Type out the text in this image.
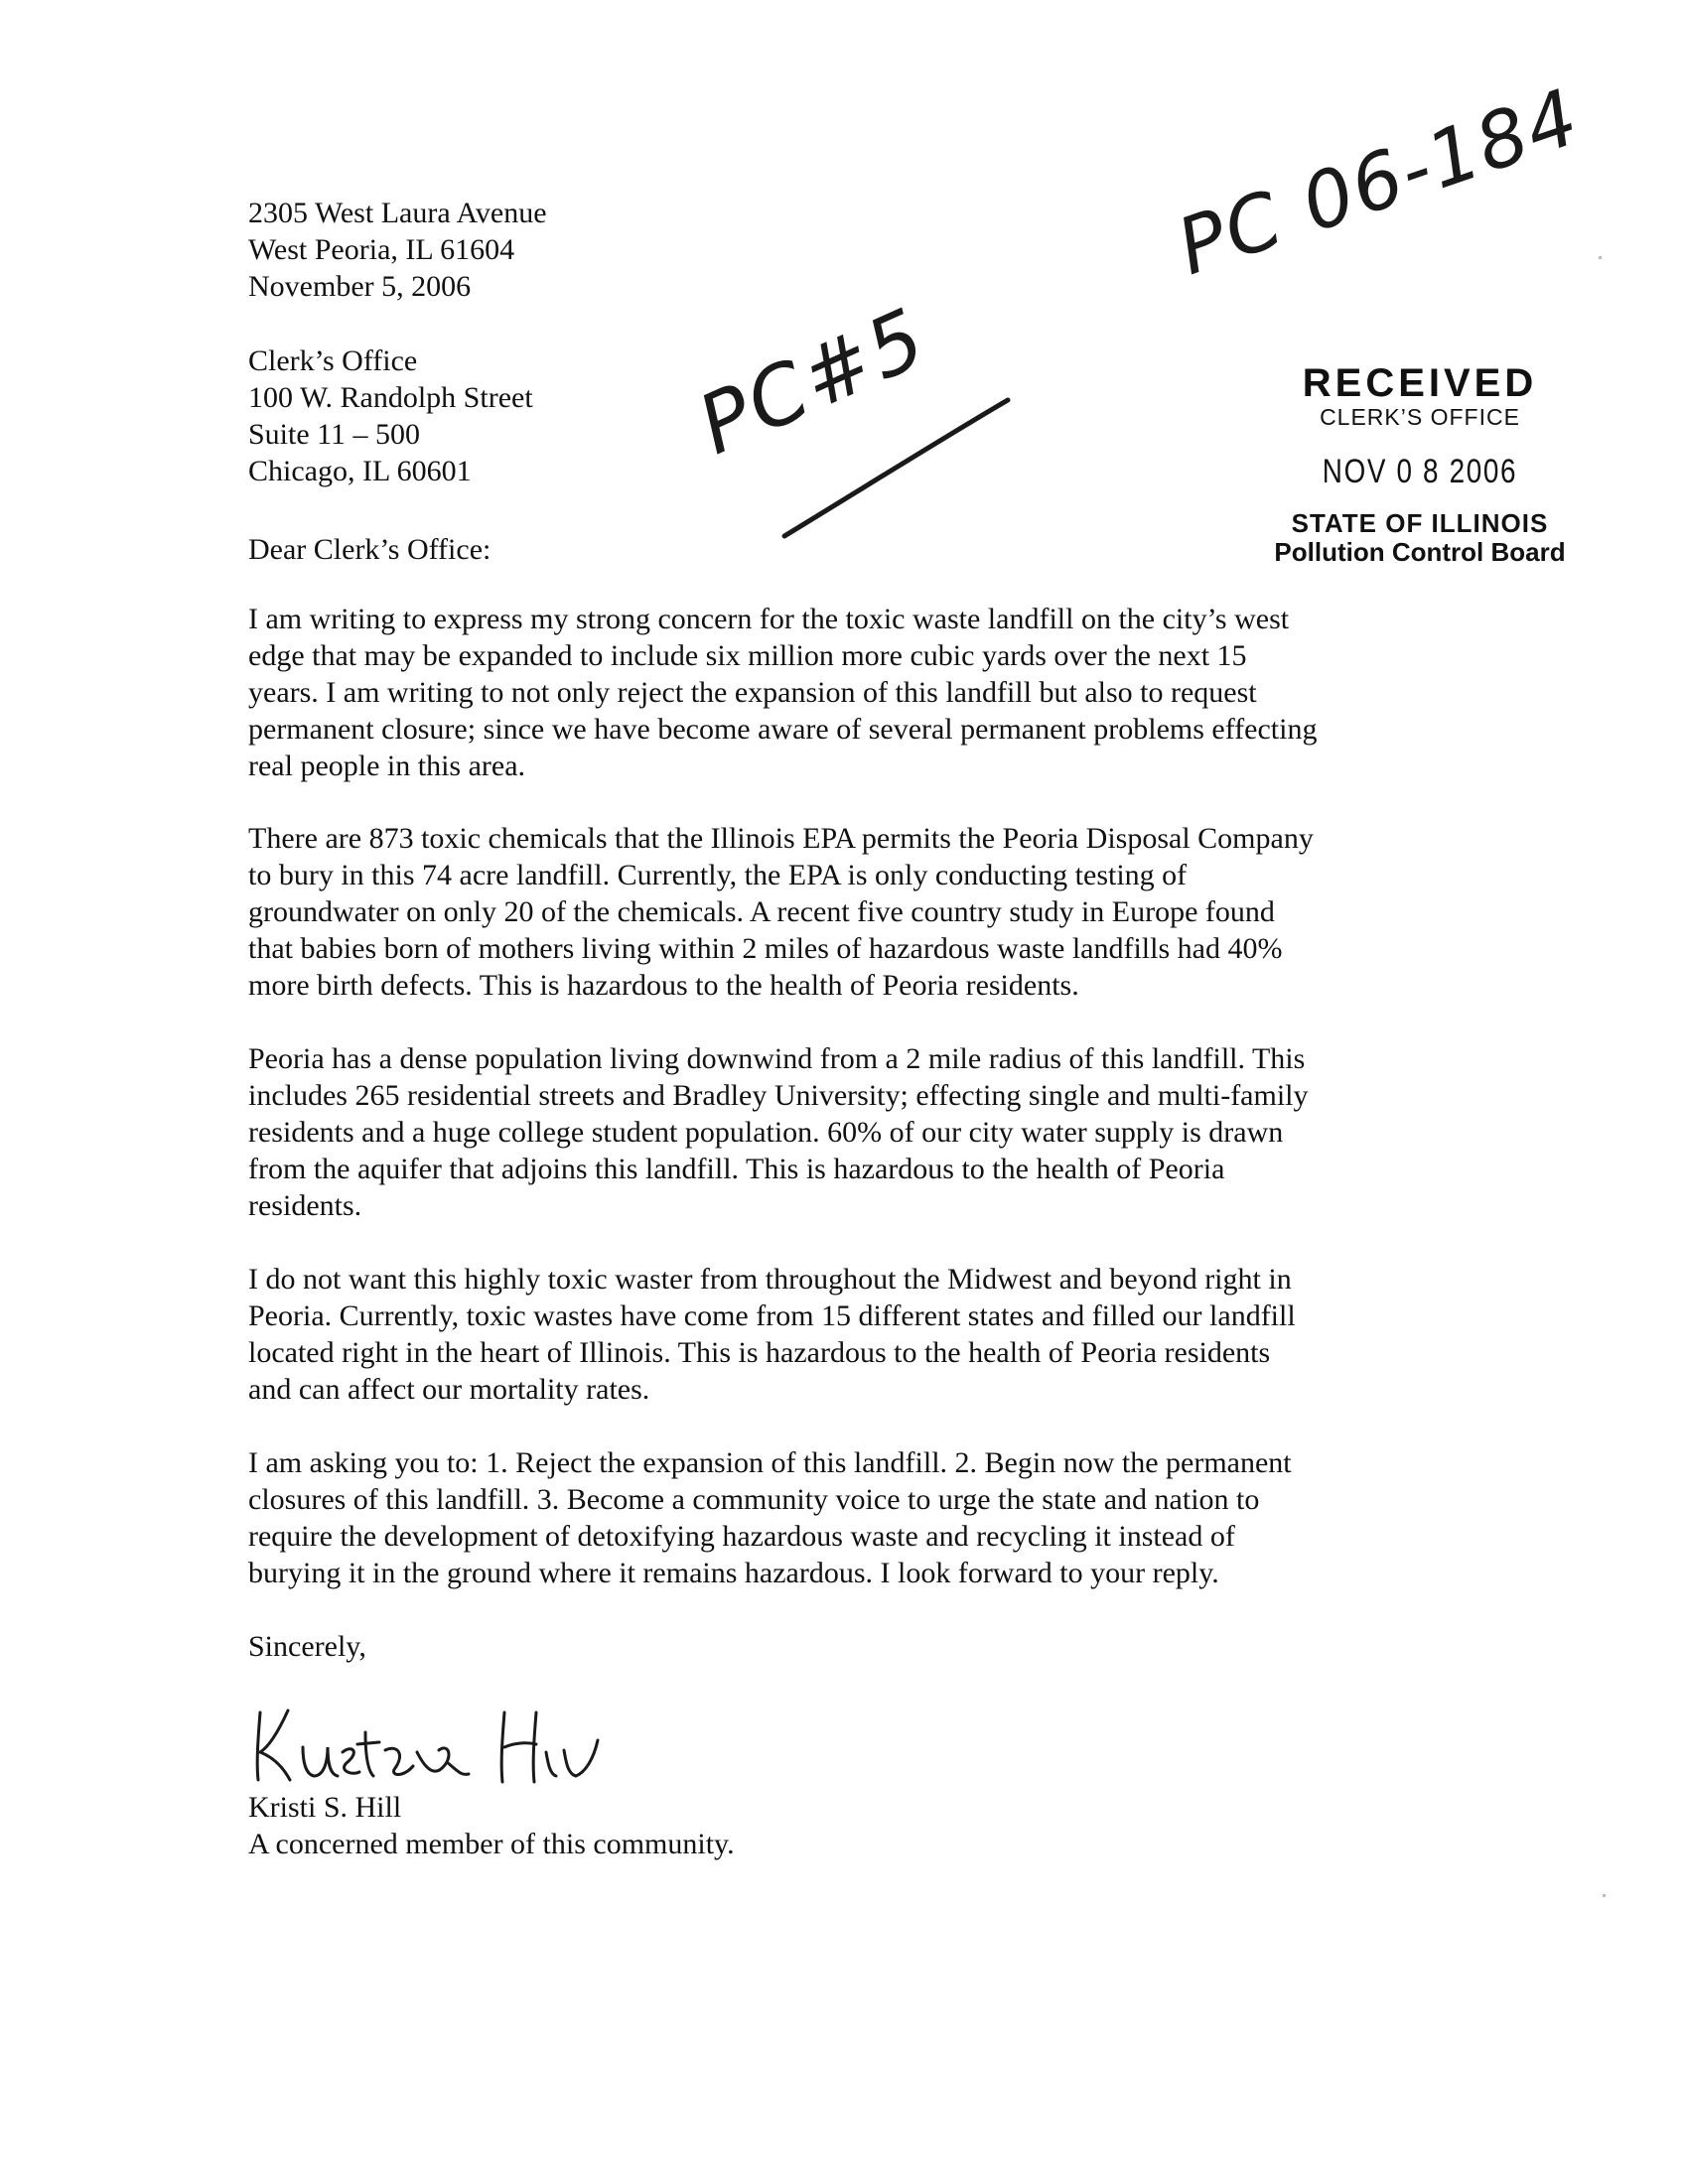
2305 West Laura Avenue
West Peoria, IL 61604
November 5, 2006
Clerk’s Office
100 W. Randolph Street
Suite 11 – 500
Chicago, IL 60601
PC 06-184
PC#5	RECEIVED
CLERK’S OFFICE
NOV 0 8 2006
STATE OF ILLINOIS
Pollution Control Board
Dear Clerk’s Office:
I am writing to express my strong concern for the toxic waste landfill on the city’s west
edge that may be expanded to include six million more cubic yards over the next 15
years. I am writing to not only reject the expansion of this landfill but also to request
permanent closure; since we have become aware of several permanent problems effecting
real people in this area.
There are 873 toxic chemicals that the Illinois EPA permits the Peoria Disposal Company
to bury in this 74 acre landfill. Currently, the EPA is only conducting testing of
groundwater on only 20 of the chemicals. A recent five country study in Europe found
that babies born of mothers living within 2 miles of hazardous waste landfills had 40%
more birth defects. This is hazardous to the health of Peoria residents.
Peoria has a dense population living downwind from a 2 mile radius of this landfill. This
includes 265 residential streets and Bradley University; effecting single and multi-family
residents and a huge college student population. 60% of our city water supply is drawn
from the aquifer that adjoins this landfill. This is hazardous to the health of Peoria
residents.
I do not want this highly toxic waster from throughout the Midwest and beyond right in
Peoria. Currently, toxic wastes have come from 15 different states and filled our landfill
located right in the heart of Illinois. This is hazardous to the health of Peoria residents
and can affect our mortality rates.
I am asking you to: 1. Reject the expansion of this landfill. 2. Begin now the permanent
closures of this landfill. 3. Become a community voice to urge the state and nation to
require the development of detoxifying hazardous waste and recycling it instead of
burying it in the ground where it remains hazardous. I look forward to your reply.
Sincerely,
Kristi S. Hill
A concerned member of this community.
